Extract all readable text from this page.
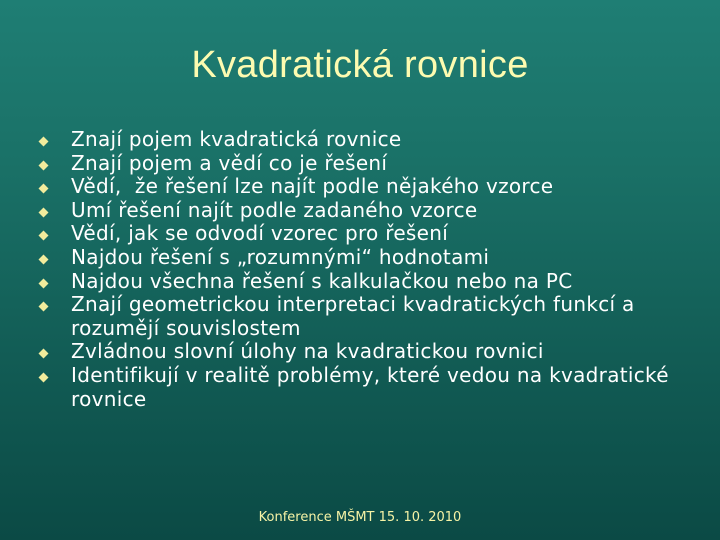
Kvadratická rovnice
Znají pojem kvadratická rovnice
Znají pojem a vědí co je řešení
Vědí,  že řešení lze najít podle nějakého vzorce
Umí řešení najít podle zadaného vzorce
Vědí, jak se odvodí vzorec pro řešení
Najdou řešení s „rozumnými“ hodnotami
Najdou všechna řešení s kalkulačkou nebo na PC
Znají geometrickou interpretaci kvadratických funkcí a rozumějí souvislostem
Zvládnou slovní úlohy na kvadratickou rovnici
Identifikují v realitě problémy, které vedou na kvadratické rovnice
Konference MŠMT 15. 10. 2010
